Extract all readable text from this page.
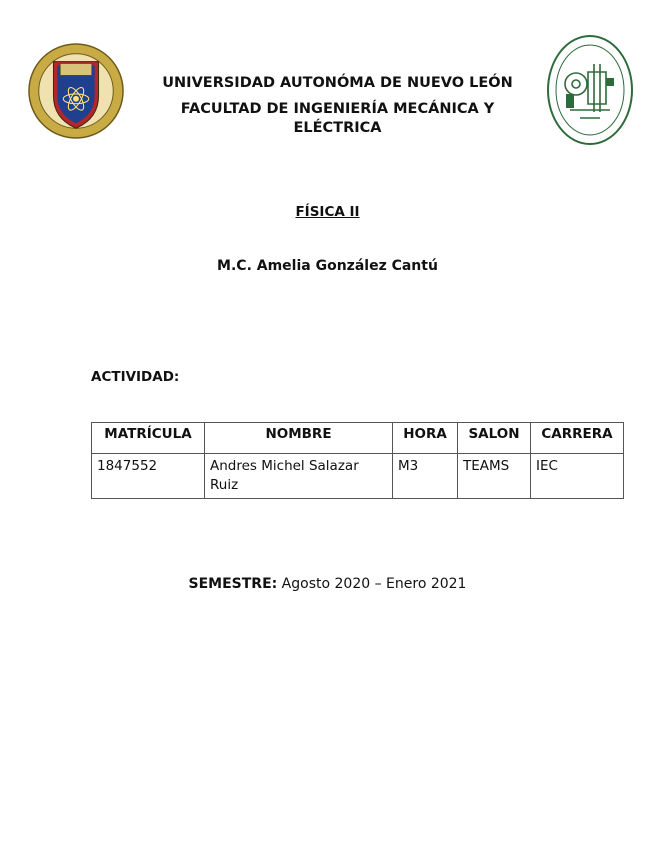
UNIVERSIDAD AUTONÓMA DE NUEVO LEÓN
FACULTAD DE INGENIERÍA MECÁNICA Y ELÉCTRICA
FÍSICA II
M.C. Amelia González Cantú
ACTIVIDAD:
MATRÍCULA	NOMBRE	HORA	SALON	CARRERA
1847552	Andres Michel Salazar Ruiz	M3	TEAMS	IEC
SEMESTRE: Agosto 2020 – Enero 2021
